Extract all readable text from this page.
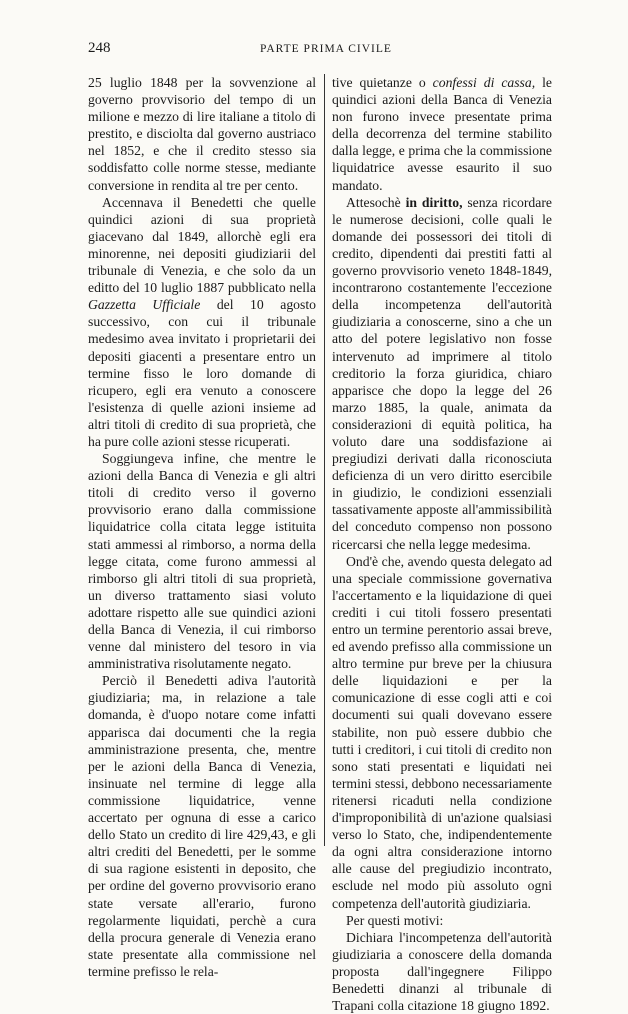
248	PARTE PRIMA CIVILE

25 luglio 1848 per la sovvenzione al governo provvisorio del tempo di un milione e mezzo di lire italiane a titolo di prestito, e disciolta dal governo austriaco nel 1852, e che il credito stesso sia soddisfatto colle norme stesse, mediante conversione in rendita al tre per cento.

Accennava il Benedetti che quelle quindici azioni di sua proprietà giacevano dal 1849, allorchè egli era minorenne, nei depositi giudiziarii del tribunale di Venezia, e che solo da un editto del 10 luglio 1887 pubblicato nella Gazzetta Ufficiale del 10 agosto successivo, con cui il tribunale medesimo avea invitato i proprietarii dei depositi giacenti a presentare entro un termine fisso le loro domande di ricupero, egli era venuto a conoscere l'esistenza di quelle azioni insieme ad altri titoli di credito di sua proprietà, che ha pure colle azioni stesse ricuperati.

Soggiungeva infine, che mentre le azioni della Banca di Venezia e gli altri titoli di credito verso il governo provvisorio erano dalla commissione liquidatrice colla citata legge istituita stati ammessi al rimborso, a norma della legge citata, come furono ammessi al rimborso gli altri titoli di sua proprietà, un diverso trattamento siasi voluto adottare rispetto alle sue quindici azioni della Banca di Venezia, il cui rimborso venne dal ministero del tesoro in via amministrativa risolutamente negato.

Perciò il Benedetti adiva l'autorità giudiziaria; ma, in relazione a tale domanda, è d'uopo notare come infatti apparisca dai documenti che la regia amministrazione presenta, che, mentre per le azioni della Banca di Venezia, insinuate nel termine di legge alla commissione liquidatrice, venne accertato per ognuna di esse a carico dello Stato un credito di lire 429,43, e gli altri crediti del Benedetti, per le somme di sua ragione esistenti in deposito, che per ordine del governo provvisorio erano state versate all'erario, furono regolarmente liquidati, perchè a cura della procura generale di Venezia erano state presentate alla commissione nel termine prefisso le rela-

tive quietanze o confessi di cassa, le quindici azioni della Banca di Venezia non furono invece presentate prima della decorrenza del termine stabilito dalla legge, e prima che la commissione liquidatrice avesse esaurito il suo mandato.

Attesochè in diritto, senza ricordare le numerose decisioni, colle quali le domande dei possessori dei titoli di credito, dipendenti dai prestiti fatti al governo provvisorio veneto 1848-1849, incontrarono costantemente l'eccezione della incompetenza dell'autorità giudiziaria a conoscerne, sino a che un atto del potere legislativo non fosse intervenuto ad imprimere al titolo creditorio la forza giuridica, chiaro apparisce che dopo la legge del 26 marzo 1885, la quale, animata da considerazioni di equità politica, ha voluto dare una soddisfazione ai pregiudizi derivati dalla riconosciuta deficienza di un vero diritto esercibile in giudizio, le condizioni essenziali tassativamente apposte all'ammissibilità del conceduto compenso non possono ricercarsi che nella legge medesima.

Ond'è che, avendo questa delegato ad una speciale commissione governativa l'accertamento e la liquidazione di quei crediti i cui titoli fossero presentati entro un termine perentorio assai breve, ed avendo prefisso alla commissione un altro termine pur breve per la chiusura delle liquidazioni e per la comunicazione di esse cogli atti e coi documenti sui quali dovevano essere stabilite, non può essere dubbio che tutti i creditori, i cui titoli di credito non sono stati presentati e liquidati nei termini stessi, debbono necessariamente ritenersi ricaduti nella condizione d'improponibilità di un'azione qualsiasi verso lo Stato, che, indipendentemente da ogni altra considerazione intorno alle cause del pregiudizio incontrato, esclude nel modo più assoluto ogni competenza dell'autorità giudiziaria.

Per questi motivi:

Dichiara l'incompetenza dell'autorità giudiziaria a conoscere della domanda proposta dall'ingegnere Filippo Benedetti dinanzi al tribunale di Trapani colla citazione 18 giugno 1892.
